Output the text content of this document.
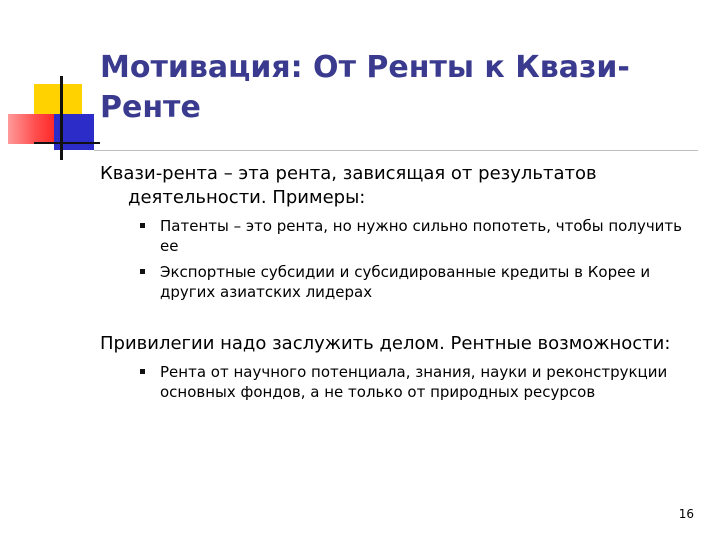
Мотивация: От Ренты к Квази-Ренте

Квази-рента – эта рента, зависящая от результатов деятельности. Примеры:

Патенты – это рента, но нужно сильно попотеть, чтобы получить ее
Экспортные субсидии и субсидированные кредиты в Корее и других азиатских лидерах

Привилегии надо заслужить делом. Рентные возможности:

Рента от научного потенциала, знания, науки и реконструкции основных фондов, а не только от природных ресурсов
16
